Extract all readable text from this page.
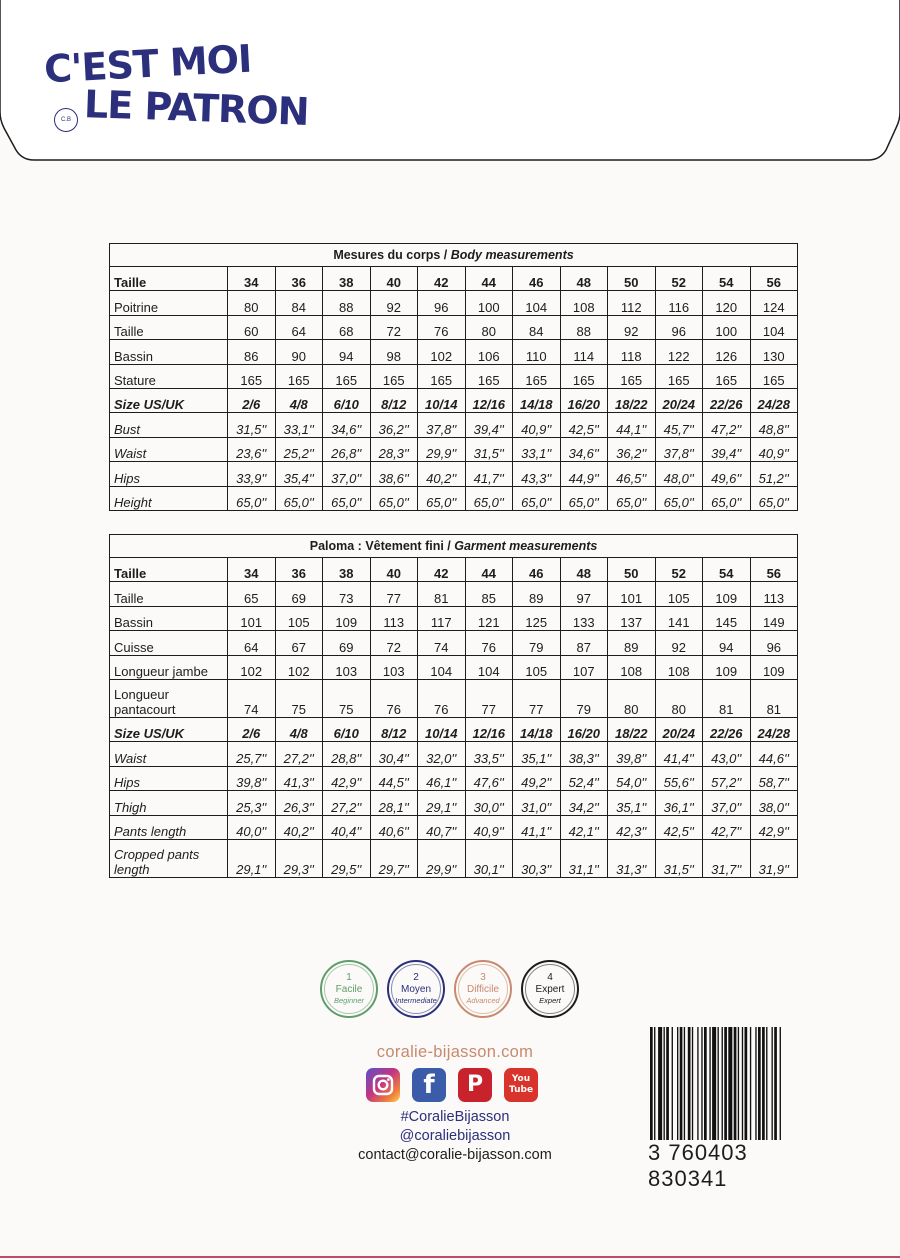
C'EST MOI
LE PATRON
C.B
Mesures du corps / Body measurements												
Taille	34	36	38	40	42	44	46	48	50	52	54	56
Poitrine	80	84	88	92	96	100	104	108	112	116	120	124
Taille	60	64	68	72	76	80	84	88	92	96	100	104
Bassin	86	90	94	98	102	106	110	114	118	122	126	130
Stature	165	165	165	165	165	165	165	165	165	165	165	165
Size US/UK	2/6	4/8	6/10	8/12	10/14	12/16	14/18	16/20	18/22	20/24	22/26	24/28
Bust	31,5''	33,1''	34,6''	36,2''	37,8''	39,4''	40,9''	42,5''	44,1''	45,7''	47,2''	48,8''
Waist	23,6''	25,2''	26,8''	28,3''	29,9''	31,5''	33,1''	34,6''	36,2''	37,8''	39,4''	40,9''
Hips	33,9''	35,4''	37,0''	38,6''	40,2''	41,7''	43,3''	44,9''	46,5''	48,0''	49,6''	51,2''
Height	65,0''	65,0''	65,0''	65,0''	65,0''	65,0''	65,0''	65,0''	65,0''	65,0''	65,0''	65,0''
Paloma : Vêtement fini / Garment measurements												
Taille	34	36	38	40	42	44	46	48	50	52	54	56
Taille	65	69	73	77	81	85	89	97	101	105	109	113
Bassin	101	105	109	113	117	121	125	133	137	141	145	149
Cuisse	64	67	69	72	74	76	79	87	89	92	94	96
Longueur jambe	102	102	103	103	104	104	105	107	108	108	109	109
Longueur pantacourt	74	75	75	76	76	77	77	79	80	80	81	81
Size US/UK	2/6	4/8	6/10	8/12	10/14	12/16	14/18	16/20	18/22	20/24	22/26	24/28
Waist	25,7''	27,2''	28,8''	30,4''	32,0''	33,5''	35,1''	38,3''	39,8''	41,4''	43,0''	44,6''
Hips	39,8''	41,3''	42,9''	44,5''	46,1''	47,6''	49,2''	52,4''	54,0''	55,6''	57,2''	58,7''
Thigh	25,3''	26,3''	27,2''	28,1''	29,1''	30,0''	31,0''	34,2''	35,1''	36,1''	37,0''	38,0''
Pants length	40,0''	40,2''	40,4''	40,6''	40,7''	40,9''	41,1''	42,1''	42,3''	42,5''	42,7''	42,9''
Cropped pants length	29,1''	29,3''	29,5''	29,7''	29,9''	30,1''	30,3''	31,1''	31,3''	31,5''	31,7''	31,9''
1
Facile
Beginner
2
Moyen
Intermediate
3
Difficile
Advanced
4
Expert
Expert
coralie-bijasson.com
f	P	You
Tube
#CoralieBijasson
@coraliebijasson
contact@coralie-bijasson.com	3 760403 830341
